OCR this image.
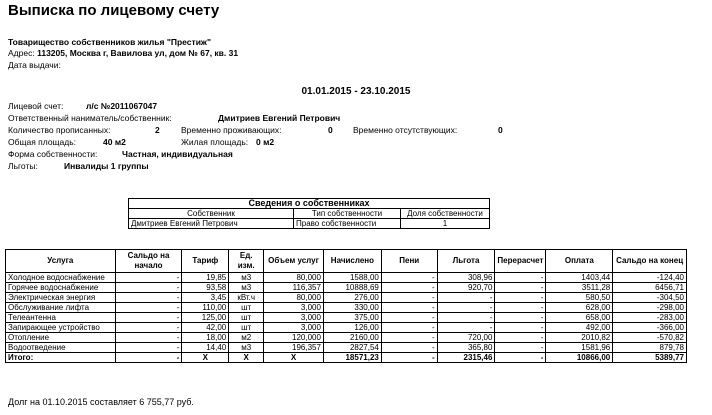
Выписка по лицевому счету
Товарищество собственников жилья "Престиж"
Адрес: 113205, Москва г, Вавилова ул, дом № 67, кв. 31
Дата выдачи:
01.01.2015 - 23.10.2015
Лицевой счет:	л/с №2011067047
Ответственный наниматель/собственник:	Дмитриев Евгений Петрович
Количество прописанных:	2	Временно проживающих:	0 Временно отсутствующих:	0
Общая площадь:	40 м2	Жилая площадь: 0 м2
Форма собственности:	Частная, индивидуальная
Льготы:	Инвалиды 1 группы
Сведения о собственниках		
Собственник	Тип собственности	Доля собственности
Дмитриев Евгений Петрович	Право собственности	1
Услуга	Сальдо на начало	Тариф	Ед. изм.	Объем услуг	Начислено	Пени	Льгота	Перерасчет	Оплата	Сальдо на конец
Холодное водоснабжение	-	19,85	м3	80,000	1588,00	-	308,96	-	1403,44	-124,40
Горячее водоснабжение	-	93,58	м3	116,357	10888,69	-	920,70	-	3511,28	6456,71
Электрическая энергия	-	3,45	кВт.ч	80,000	276,00	-	-	-	580,50	-304,50
Обслуживание лифта	-	110,00	шт	3,000	330,00	-	-	-	628,00	-298,00
Телеантенна	-	125,00	шт	3,000	375,00	-	-	-	658,00	-283,00
Запирающее устройство	-	42,00	шт	3,000	126,00	-	-	-	492,00	-366,00
Отопление	-	18,00	м2	120,000	2160,00	-	720,00	-	2010,82	-570,82
Водоотведение	-	14,40	м3	196,357	2827,54	-	365,80	-	1581,96	879,78
Итого:	-	X	X	X	18571,23	-	2315,46	-	10866,00	5389,77
Долг на 01.10.2015 составляет 6 755,77 руб.
